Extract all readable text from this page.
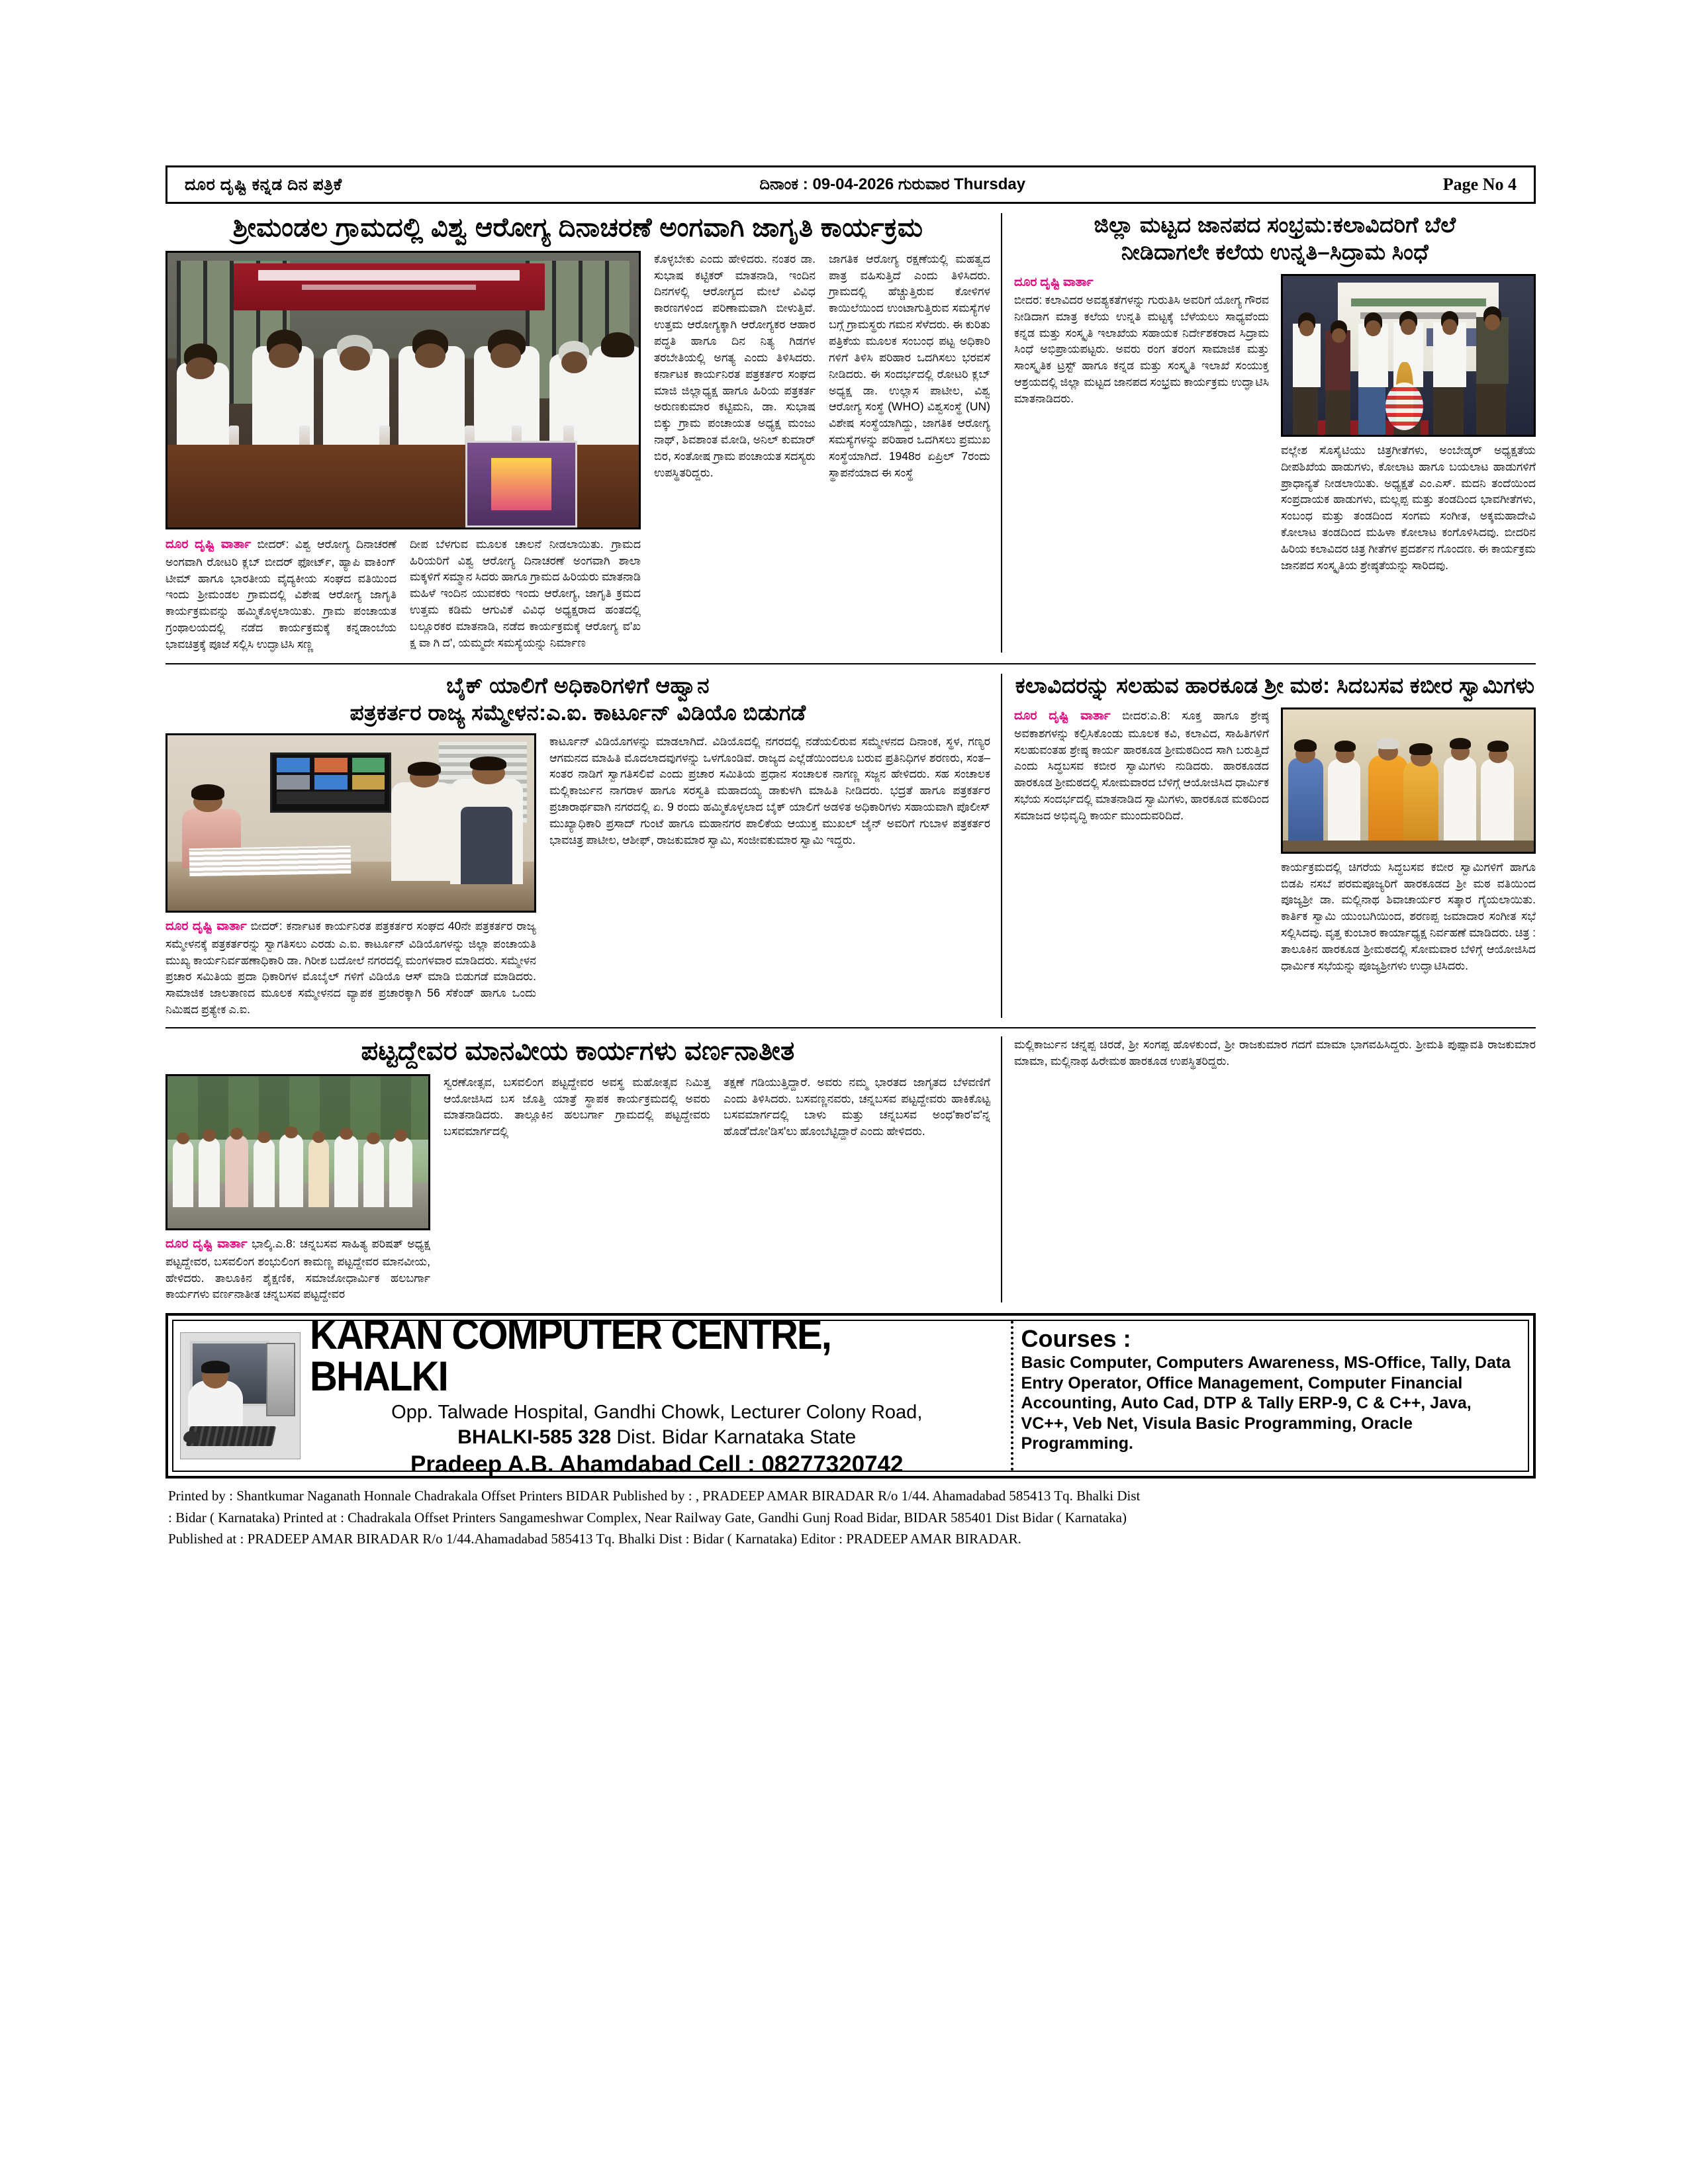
ದೂರ ದೃಷ್ಟಿ ಕನ್ನಡ ದಿನ ಪತ್ರಿಕೆ	ದಿನಾಂಕ : 09-04-2026 ಗುರುವಾರ Thursday	Page No 4
ಶ್ರೀಮಂಡಲ ಗ್ರಾಮದಲ್ಲಿ ವಿಶ್ವ ಆರೋಗ್ಯ ದಿನಾಚರಣೆ ಅಂಗವಾಗಿ ಜಾಗೃತಿ ಕಾರ್ಯಕ್ರಮ
ದೂರ ದೃಷ್ಟಿ ವಾರ್ತಾ ಬೀದರ್‌: ವಿಶ್ವ ಆರೋಗ್ಯ ದಿನಾಚರಣೆ ಅಂಗವಾಗಿ ರೋಟರಿ ಕ್ಲಬ್ ಬೀದರ್ ಫೋರ್ಟ್‌, ಹ್ಯಾಪಿ ವಾಕಿಂಗ್ ಟೀಮ್ ಹಾಗೂ ಭಾರತೀಯ ವೈದ್ಯಕೀಯ ಸಂಘದ ವತಿಯಿಂದ ಇಂದು ಶ್ರೀಮಂಡಲ ಗ್ರಾಮದಲ್ಲಿ ವಿಶೇಷ ಆರೋಗ್ಯ ಜಾಗೃತಿ ಕಾರ್ಯಕ್ರಮವನ್ನು ಹಮ್ಮಿಕೊಳ್ಳಲಾಯಿತು. ಗ್ರಾಮ ಪಂಚಾಯತ ಗ್ರಂಥಾಲಯದಲ್ಲಿ ನಡೆದ ಕಾರ್ಯಕ್ರಮಕ್ಕೆ ಕನ್ನಡಾಂಬೆಯ ಭಾವಚಿತ್ರಕ್ಕೆ ಪೂಜೆ ಸಲ್ಲಿಸಿ ಉದ್ಘಾಟಿಸಿ ಸಣ್ಣ
ದೀಪ ಬೆಳಗುವ ಮೂಲಕ ಚಾಲನೆ ನೀಡಲಾಯಿತು. ಗ್ರಾಮದ ಹಿರಿಯರಿಗೆ ವಿಶ್ವ ಆರೋಗ್ಯ ದಿನಾಚರಣೆ ಅಂಗವಾಗಿ ಶಾಲಾ ಮಕ್ಕಳಿಗೆ ಸಮ್ಮಾನ ಸಿದರು ಹಾಗೂ ಗ್ರಾಮದ ಹಿರಿಯರು ಮಾತನಾಡಿ ಮಹಿಳೆ ಇಂದಿನ ಯುವಕರು ಇಂದು ಆರೋಗ್ಯ, ಜಾಗೃತಿ ಕ್ರಮದ ಉತ್ತಮ ಕಡಿಮೆ ಆಗುವಿಕೆ ವಿವಿಧ ಅಧ್ಯಕ್ಷರಾದ ಹಂತದಲ್ಲಿ ಬಲ್ಲೂರಕರ ಮಾತನಾಡಿ, ನಡೆದ ಕಾರ್ಯಕ್ರಮಕ್ಕೆ ಆರೋಗ್ಯ ವ'ಖ ಕ್ಷ ವಾ ಗಿ ದ', ಯಮ್ಮದೇ ಸಮಸ್ಯೆಯನ್ನು ನಿರ್ಮಾಣ
ಕೊಳ್ಳಬೇಕು ಎಂದು ಹೇಳಿದರು. ನಂತರ ಡಾ. ಸುಭಾಷ ಕಟ್ಟಿಕರ್ ಮಾತನಾಡಿ, ಇಂದಿನ ದಿನಗಳಲ್ಲಿ ಆರೋಗ್ಯದ ಮೇಲೆ ವಿವಿಧ ಕಾರಣಗಳಿಂದ ಪರಿಣಾಮವಾಗಿ ಬೀಳುತ್ತಿವೆ. ಉತ್ತಮ ಆರೋಗ್ಯಕ್ಕಾಗಿ ಆರೋಗ್ಯಕರ ಆಹಾರ ಪದ್ಧತಿ ಹಾಗೂ ದಿನ ನಿತ್ಯ ಗಿಡಗಳ ತರಬೇತಿಯಲ್ಲಿ ಅಗತ್ಯ ಎಂದು ತಿಳಿಸಿದರು. ಕರ್ನಾಟಕ ಕಾರ್ಯನಿರತ ಪತ್ರಕರ್ತರ ಸಂಘದ ಮಾಜಿ ಜಿಲ್ಲಾಧ್ಯಕ್ಷ ಹಾಗೂ ಹಿರಿಯ ಪತ್ರಕರ್ತ ಅರುಣಕುಮಾರ ಕಟ್ಟಿಮನಿ, ಡಾ. ಸುಭಾಷ ಬಿಕ್ಕು ಗ್ರಾಮ ಪಂಚಾಯತ ಅಧ್ಯಕ್ಷ ಮಂಜು ನಾಥ್, ಶಿವಶಾಂತ ಮೋಡಿ, ಅನಿಲ್ ಕುಮಾರ್ ಬಿರ, ಸಂತೋಷ ಗ್ರಾಮ ಪಂಚಾಯತ ಸದಸ್ಯರು ಉಪಸ್ಥಿತರಿದ್ದರು.
ಜಾಗತಿಕ ಆರೋಗ್ಯ ರಕ್ಷಣೆಯಲ್ಲಿ ಮಹತ್ವದ ಪಾತ್ರ ವಹಿಸುತ್ತಿದೆ ಎಂದು ತಿಳಿಸಿದರು. ಗ್ರಾಮದಲ್ಲಿ ಹೆಚ್ಚುತ್ತಿರುವ ಕೋಳಿಗಳ ಕಾಯಿಲೆಯಿಂದ ಉಂಟಾಗುತ್ತಿರುವ ಸಮಸ್ಯೆಗಳ ಬಗ್ಗೆ ಗ್ರಾಮಸ್ಥರು ಗಮನ ಸೆಳೆದರು. ಈ ಕುರಿತು ಪತ್ರಿಕೆಯ ಮೂಲಕ ಸಂಬಂಧ ಪಟ್ಟ ಅಧಿಕಾರಿ ಗಳಿಗೆ ತಿಳಿಸಿ ಪರಿಹಾರ ಒದಗಿಸಲು ಭರವಸೆ ನೀಡಿದರು. ಈ ಸಂದರ್ಭದಲ್ಲಿ ರೋಟರಿ ಕ್ಲಬ್ ಅಧ್ಯಕ್ಷ ಡಾ. ಉಲ್ಲಾಸ ಪಾಟೀಲ, ವಿಶ್ವ ಆರೋಗ್ಯ ಸಂಸ್ಥೆ (WHO) ವಿಶ್ವಸಂಸ್ಥೆ (UN) ವಿಶೇಷ ಸಂಸ್ಥೆಯಾಗಿದ್ದು, ಜಾಗತಿಕ ಆರೋಗ್ಯ ಸಮಸ್ಯೆಗಳನ್ನು ಪರಿಹಾರ ಒದಗಿಸಲು ಪ್ರಮುಖ ಸಂಸ್ಥೆಯಾಗಿದೆ. 1948ರ ಏಪ್ರಿಲ್ 7ರಂದು ಸ್ಥಾಪನೆಯಾದ ಈ ಸಂಸ್ಥೆ
ಜಿಲ್ಲಾ ಮಟ್ಟದ ಜಾನಪದ ಸಂಭ್ರಮ:ಕಲಾವಿದರಿಗೆ ಬೆಲೆ
ನೀಡಿದಾಗಲೇ ಕಲೆಯ ಉನ್ನತಿ–ಸಿದ್ರಾಮ ಸಿಂಧೆ
ದೂರ ದೃಷ್ಟಿ ವಾರ್ತಾ
ಬೀದರ: ಕಲಾವಿದರ ಅವಶ್ಯಕತೆಗಳನ್ನು ಗುರುತಿಸಿ ಅವರಿಗೆ ಯೋಗ್ಯ ಗೌರವ ನೀಡಿದಾಗ ಮಾತ್ರ ಕಲೆಯ ಉನ್ನತಿ ಮಟ್ಟಕ್ಕೆ ಬೆಳೆಯಲು ಸಾಧ್ಯವೆಂದು ಕನ್ನಡ ಮತ್ತು ಸಂಸ್ಕೃತಿ ಇಲಾಖೆಯ ಸಹಾಯಕ ನಿರ್ದೇಶಕರಾದ ಸಿದ್ರಾಮ ಸಿಂಧೆ ಅಭಿಪ್ರಾಯಪಟ್ಟರು. ಅವರು ರಂಗ ತರಂಗ ಸಾಮಾಜಿಕ ಮತ್ತು ಸಾಂಸ್ಕೃತಿಕ ಟ್ರಸ್ಟ್ ಹಾಗೂ ಕನ್ನಡ ಮತ್ತು ಸಂಸ್ಕೃತಿ ಇಲಾಖೆ ಸಂಯುಕ್ತ ಆಶ್ರಯದಲ್ಲಿ ಜಿಲ್ಲಾ ಮಟ್ಟದ ಜಾನಪದ ಸಂಭ್ರಮ ಕಾರ್ಯಕ್ರಮ ಉದ್ಘಾಟಿಸಿ ಮಾತನಾಡಿದರು.
ವಲ್ಲೇಶ ಸೊಸೈಟಿಯು ಚಿತ್ರಗೀತೆಗಳು, ಅಂಬೇಡ್ಕರ್ ಅಧ್ಯಕ್ಷತೆಯ ದೀಪಶಿಖೆಯ ಹಾಡುಗಳು, ಕೋಲಾಟ ಹಾಗೂ ಬಯಲಾಟ ಹಾಡುಗಳಿಗೆ ಪ್ರಾಧಾನ್ಯತೆ ನೀಡಲಾಯಿತು. ಅಧ್ಯಕ್ಷತೆ ಎಂ.ಎಸ್. ಮದನಿ ತಂದೆಯಿಂದ ಸಂಪ್ರದಾಯಕ ಹಾಡುಗಳು, ಮಲ್ಲಪ್ಪ ಮತ್ತು ತಂಡದಿಂದ ಭಾವಗೀತೆಗಳು, ಸಂಬಂಧ ಮತ್ತು ತಂಡದಿಂದ ಸಂಗಮ ಸಂಗೀತ, ಅಕ್ಕಮಹಾದೇವಿ ಕೋಲಾಟ ತಂಡದಿಂದ ಮಹಿಳಾ ಕೋಲಾಟ ಕಂಗೊಳಿಸಿದವು. ಬೀದರಿನ ಹಿರಿಯ ಕಲಾವಿದರ ಚಿತ್ರ ಗೀತೆಗಳ ಪ್ರದರ್ಶನ ಗೊಂದಣ. ಈ ಕಾರ್ಯಕ್ರಮ ಜಾನಪದ ಸಂಸ್ಕೃತಿಯ ಶ್ರೇಷ್ಠತೆಯನ್ನು ಸಾರಿದವು.
ಬೈಕ್ ಯಾಲಿಗೆ ಅಧಿಕಾರಿಗಳಿಗೆ ಆಹ್ವಾನ
ಪತ್ರಕರ್ತರ ರಾಜ್ಯ ಸಮ್ಮೇಳನ:ಎ.ಐ. ಕಾರ್ಟೂನ್ ವಿಡಿಯೊ ಬಿಡುಗಡೆ
ದೂರ ದೃಷ್ಟಿ ವಾರ್ತಾ ಬೀದರ್: ಕರ್ನಾಟಕ ಕಾರ್ಯನಿರತ ಪತ್ರಕರ್ತರ ಸಂಘದ 40ನೇ ಪತ್ರಕರ್ತರ ರಾಜ್ಯ ಸಮ್ಮೇಳನಕ್ಕೆ ಪತ್ರಕರ್ತರನ್ನು ಸ್ವಾಗತಿಸಲು ಎರಡು ಎ.ಐ. ಕಾರ್ಟೂನ್ ವಿಡಿಯೊಗಳನ್ನು ಜಿಲ್ಲಾ ಪಂಚಾಯತಿ ಮುಖ್ಯ ಕಾರ್ಯನಿರ್ವಹಣಾಧಿಕಾರಿ ಡಾ. ಗಿರೀಶ ಬದೋಲೆ ನಗರದಲ್ಲಿ ಮಂಗಳವಾರ ಮಾಡಿದರು. ಸಮ್ಮೇಳನ ಪ್ರಚಾರ ಸಮಿತಿಯ ಪ್ರದಾ ಧಿಕಾರಿಗಳ ಮೊಬೈಲ್ ಗಳಿಗೆ ವಿಡಿಯೊ ಆಸ್ ಮಾಡಿ ಬಿಡುಗಡೆ ಮಾಡಿದರು. ಸಾಮಾಜಿಕ ಜಾಲತಾಣದ ಮೂಲಕ ಸಮ್ಮೇಳನದ ವ್ಯಾಪಕ ಪ್ರಚಾರಕ್ಕಾಗಿ 56 ಸೆಕೆಂಡ್ ಹಾಗೂ ಒಂದು ನಿಮಿಷದ ಪ್ರತ್ಯೇಕ ಎ.ಐ.
ಕಾರ್ಟೂನ್ ವಿಡಿಯೊಗಳನ್ನು ಮಾಡಲಾಗಿದೆ. ವಿಡಿಯೊದಲ್ಲಿ ನಗರದಲ್ಲಿ ನಡೆಯಲಿರುವ ಸಮ್ಮೇಳನದ ದಿನಾಂಕ, ಸ್ಥಳ, ಗಣ್ಯರ ಆಗಮನದ ಮಾಹಿತಿ ಮೊದಲಾದವುಗಳನ್ನು ಒಳಗೊಂಡಿವೆ. ರಾಜ್ಯದ ಎಲ್ಲೆಡೆಯಿಂದಲೂ ಬರುವ ಪ್ರತಿನಿಧಿಗಳ ಶರಣರು, ಸಂತ–ಸಂತರ ನಾಡಿಗೆ ಸ್ವಾಗತಿಸಲಿವೆ ಎಂದು ಪ್ರಚಾರ ಸಮಿತಿಯ ಪ್ರಧಾನ ಸಂಚಾಲಕ ನಾಗಣ್ಣ ಸಜ್ಜನ ಹೇಳಿದರು. ಸಹ ಸಂಚಾಲಕ ಮಲ್ಲಿಕಾರ್ಜುನ ನಾಗರಾಳ ಹಾಗೂ ಸರಸ್ವತಿ ಮಹಾದಯ್ಯ ಡಾಕುಳಗಿ ಮಾಹಿತಿ ನೀಡಿದರು. ಭದ್ರತೆ ಹಾಗೂ ಪತ್ರಕರ್ತರ ಪ್ರಚಾರಾರ್ಥವಾಗಿ ನಗರದಲ್ಲಿ ಏ. 9 ರಂದು ಹಮ್ಮಿಕೊಳ್ಳಲಾದ ಬೈಕ್ ಯಾಲಿಗೆ ಅಡಳಿತ ಅಧಿಕಾರಿಗಳು ಸಹಾಯವಾಗಿ ಪೊಲೀಸ್ ಮುಖ್ಯಾಧಿಕಾರಿ ಪ್ರಸಾದ್ ಗುಂಟೆ ಹಾಗೂ ಮಹಾನಗರ ಪಾಲಿಕೆಯ ಆಯುಕ್ತ ಮುಖಲ್ ಜೈನ್ ಅವರಿಗೆ ಗುಬಾಳ ಪತ್ರಕರ್ತರ ಭಾವಚಿತ್ರ ಪಾಟೀಲ, ಆಶೀಫ್, ರಾಜಕುಮಾರ ಸ್ವಾಮಿ, ಸಂಜೀವಕುಮಾರ ಸ್ವಾಮಿ ಇದ್ದರು.
ಕಲಾವಿದರನ್ನು ಸಲಹುವ ಹಾರಕೂಡ ಶ್ರೀ ಮಠ: ಸಿದಬಸವ ಕಬೀರ ಸ್ವಾಮಿಗಳು
ದೂರ ದೃಷ್ಟಿ ವಾರ್ತಾ ಬೀದರ:ಎ.8: ಸೂಕ್ತ ಹಾಗೂ ಶ್ರೇಷ್ಠ ಅವಕಾಶಗಳನ್ನು ಕಲ್ಪಿಸಿಕೊಂಡು ಮೂಲಕ ಕವಿ, ಕಲಾವಿದ, ಸಾಹಿತಿಗಳಿಗೆ ಸಲಹುವಂತಹ ಶ್ರೇಷ್ಠ ಕಾರ್ಯ ಹಾರಕೂಡ ಶ್ರೀಮಠದಿಂದ ಸಾಗಿ ಬರುತ್ತಿದೆ ಎಂದು ಸಿದ್ಧಬಸವ ಕಬೀರ ಸ್ವಾಮಿಗಳು ನುಡಿದರು. ಹಾರಕೂಡದ ಹಾರಕೂಡ ಶ್ರೀಮಠದಲ್ಲಿ ಸೋಮವಾರದ ಬೆಳಿಗ್ಗೆ ಆಯೋಜಿಸಿದ ಧಾರ್ಮಿಕ ಸಭೆಯ ಸಂದರ್ಭದಲ್ಲಿ ಮಾತನಾಡಿದ ಸ್ವಾಮಿಗಳು, ಹಾರಕೂಡ ಮಠದಿಂದ ಸಮಾಜದ ಅಭಿವೃದ್ಧಿ ಕಾರ್ಯ ಮುಂದುವರಿದಿದೆ.
ಕಾರ್ಯಕ್ರಮದಲ್ಲಿ ಚಿಗರೆಯ ಸಿದ್ಧಬಸವ ಕಬೀರ ಸ್ವಾಮಿಗಳಿಗೆ ಹಾಗೂ ಬಿಡಪಿ ನಸಬೆ ಪರಮಪೂಜ್ಯರಿಗೆ ಹಾರಕೂಡದ ಶ್ರೀ ಮಠ ವತಿಯಿಂದ ಪೂಜ್ಯಶ್ರೀ ಡಾ. ಮಲ್ಲಿನಾಥ ಶಿವಾಚಾರ್ಯರ ಸತ್ಕಾರ ಗೈಯಲಾಯಿತು. ಕಾರ್ತಿಕ ಸ್ವಾಮಿ ಯುಂಬಗಿಯಿಂದ, ಶರಣಪ್ಪ ಜಮಾದಾರ ಸಂಗೀತ ಸಭೆ ಸಲ್ಲಿಸಿದವು. ವೃತ್ತ ಕುಂಬಾರ ಕಾರ್ಯಾಧ್ಯಕ್ಷ ನಿರ್ವಹಣೆ ಮಾಡಿದರು. ಚಿತ್ರ : ತಾಲೂಕಿನ ಹಾರಕೂಡ ಶ್ರೀಮಠದಲ್ಲಿ ಸೋಮವಾರ ಬೆಳಿಗ್ಗೆ ಆಯೋಜಿಸಿದ ಧಾರ್ಮಿಕ ಸಭೆಯನ್ನು ಪೂಜ್ಯಶ್ರೀಗಳು ಉದ್ಘಾಟಿಸಿದರು.
ಪಟ್ಟದ್ದೇವರ ಮಾನವೀಯ ಕಾರ್ಯಗಳು ವರ್ಣನಾತೀತ
ದೂರ ದೃಷ್ಟಿ ವಾರ್ತಾ ಭಾಲ್ಕಿ.ಎ.8: ಚನ್ನಬಸವ ಸಾಹಿತ್ಯ ಪರಿಷತ್ ಅಧ್ಯಕ್ಷ ಪಟ್ಟದ್ದೇವರ, ಬಸವಲಿಂಗ ಶಂಭುಲಿಂಗ ಕಾಮಣ್ಣ ಪಟ್ಟದ್ದೇವರ ಮಾನವೀಯ, ಹೇಳಿದರು. ತಾಲೂಕಿನ ಶೈಕ್ಷಣಿಕ, ಸಮಾಜೋಧಾರ್ಮಿಕ ಹಲಬರ್ಗಾ ಕಾರ್ಯಗಳು ವರ್ಣನಾತೀತ ಚನ್ನಬಸವ ಪಟ್ಟದ್ದೇವರ
ಸ್ವರಣೋತ್ಸವ, ಬಸವಲಿಂಗ ಪಟ್ಟದ್ದೇವರ ಅವಸ್ಥ ಮಹೋತ್ಸವ ನಿಮಿತ್ತ ಆಯೋಜಿಸಿದ ಬಸ ಜೊತ್ತಿ ಯಾತ್ರೆ ಸ್ಥಾಪಕ ಕಾರ್ಯಕ್ರಮದಲ್ಲಿ ಅವರು ಮಾತನಾಡಿದರು. ತಾಲ್ಲೂಕಿನ ಹಲಬರ್ಗಾ ಗ್ರಾಮದಲ್ಲಿ ಪಟ್ಟದ್ದೇವರು ಬಸವಮಾರ್ಗದಲ್ಲಿ
ತಕ್ಷಣೆ ಗಡಿಯುತ್ತಿದ್ದಾರೆ. ಅವರು ನಮ್ಮ ಭಾರತದ ಜಾಗೃತದ ಬೆಳವಣಿಗೆ ಎಂದು ತಿಳಿಸಿದರು. ಬಸವಣ್ಣನವರು, ಚನ್ನಬಸವ ಪಟ್ಟದ್ದೇವರು ಹಾಕಿಕೊಟ್ಟ ಬಸವಮಾರ್ಗದಲ್ಲಿ ಬಾಳು ಮತ್ತು ಚನ್ನಬಸವ ಅಂಧ'ಕಾರ'ವ'ನ್ನ ಹೊಡೆ'ದೋ'ಡಿಸ'ಲು ಹೊಂಬೆಟ್ಟಿದ್ದಾರೆ ಎಂದು ಹೇಳಿದರು.
ಮಲ್ಲಿಕಾರ್ಜುನ ಚನ್ನಪ್ಪ ಚಿರಡೆ, ಶ್ರೀ ಸಂಗಪ್ಪ ಹೊಳಕುಂದೆ, ಶ್ರೀ ರಾಜಕುಮಾರ ಗದಗೆ ಮಾಮಾ ಭಾಗವಹಿಸಿದ್ದರು. ಶ್ರೀಮತಿ ಪುಷ್ಪಾವತಿ ರಾಜಕುಮಾರ ಮಾಮಾ, ಮಲ್ಲಿನಾಥ ಹಿರೇಮಠ ಹಾರಕೂಡ ಉಪಸ್ಥಿತರಿದ್ದರು.
KARAN COMPUTER CENTRE, BHALKI
Opp. Talwade Hospital, Gandhi Chowk, Lecturer Colony Road,
BHALKI-585 328 Dist. Bidar Karnataka State
Pradeep A.B. Ahamdabad Cell : 08277320742
Courses :
Basic Computer, Computers Awareness, MS-Office, Tally, Data Entry Operator, Office Management, Computer Financial Accounting, Auto Cad, DTP & Tally ERP-9, C & C++, Java, VC++, Veb Net, Visula Basic Programming, Oracle Programming.
Printed by : Shantkumar Naganath Honnale Chadrakala Offset Printers BIDAR Published by : , PRADEEP AMAR BIRADAR R/o 1/44. Ahamadabad 585413 Tq. Bhalki Dist
: Bidar ( Karnataka) Printed at : Chadrakala Offset Printers Sangameshwar Complex, Near Railway Gate, Gandhi Gunj Road Bidar, BIDAR 585401 Dist Bidar ( Karnataka)
Published at : PRADEEP AMAR BIRADAR R/o 1/44.Ahamadabad 585413 Tq. Bhalki Dist : Bidar ( Karnataka) Editor : PRADEEP AMAR BIRADAR.
